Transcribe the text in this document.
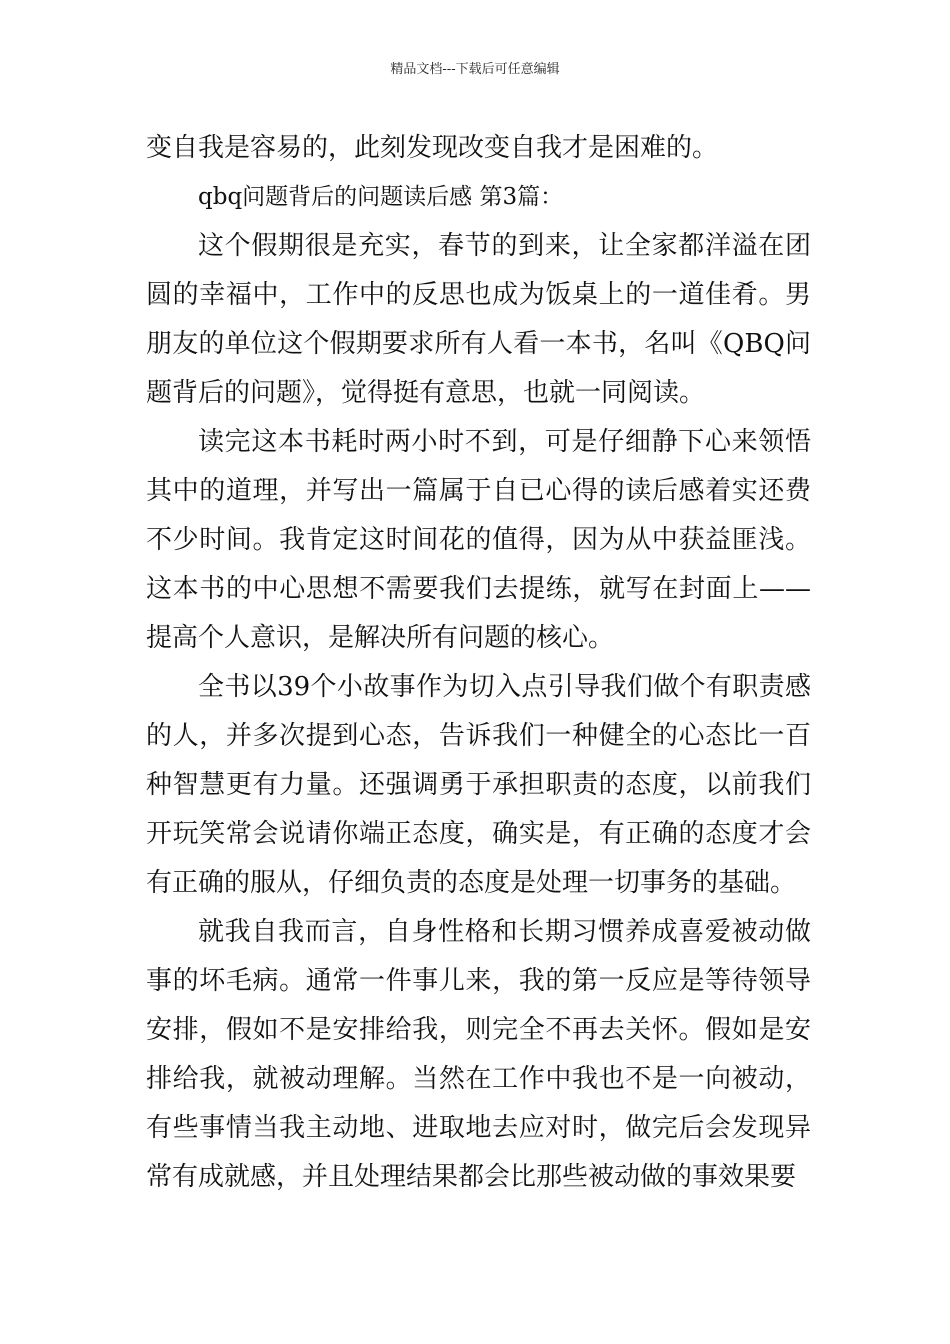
精品文档---下载后可任意编辑

变自我是容易的，此刻发现改变自我才是困难的。

qbq问题背后的问题读后感 第3篇：

这个假期很是充实，春节的到来，让全家都洋溢在团圆的幸福中，工作中的反思也成为饭桌上的一道佳肴。男朋友的单位这个假期要求所有人看一本书，名叫《QBQ问题背后的问题》，觉得挺有意思，也就一同阅读。

读完这本书耗时两小时不到，可是仔细静下心来领悟其中的道理，并写出一篇属于自已心得的读后感着实还费不少时间。我肯定这时间花的值得，因为从中获益匪浅。这本书的中心思想不需要我们去提练，就写在封面上——提高个人意识，是解决所有问题的核心。

全书以39个小故事作为切入点引导我们做个有职责感的人，并多次提到心态，告诉我们一种健全的心态比一百种智慧更有力量。还强调勇于承担职责的态度，以前我们开玩笑常会说请你端正态度，确实是，有正确的态度才会有正确的服从，仔细负责的态度是处理一切事务的基础。

就我自我而言，自身性格和长期习惯养成喜爱被动做事的坏毛病。通常一件事儿来，我的第一反应是等待领导安排，假如不是安排给我，则完全不再去关怀。假如是安排给我，就被动理解。当然在工作中我也不是一向被动，有些事情当我主动地、进取地去应对时，做完后会发现异常有成就感，并且处理结果都会比那些被动做的事效果要
